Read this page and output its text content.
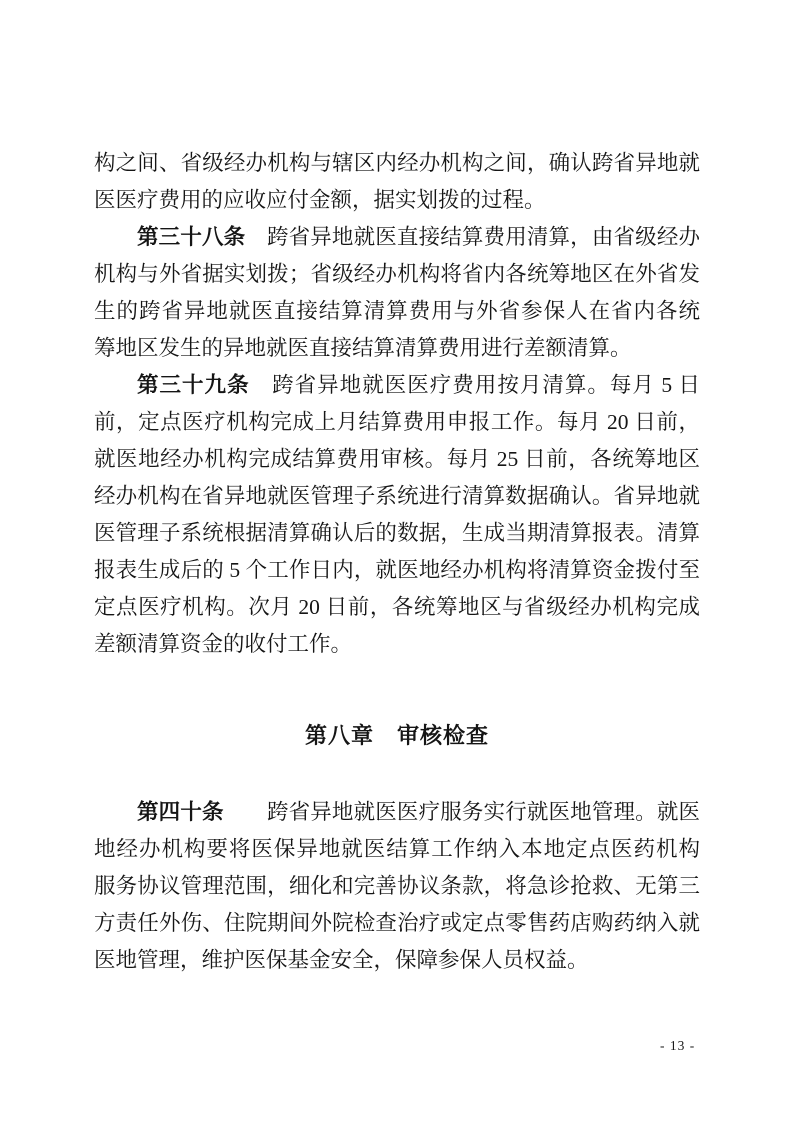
构之间、省级经办机构与辖区内经办机构之间，确认跨省异地就
医医疗费用的应收应付金额，据实划拨的过程。
第三十八条　跨省异地就医直接结算费用清算，由省级经办
机构与外省据实划拨；省级经办机构将省内各统筹地区在外省发
生的跨省异地就医直接结算清算费用与外省参保人在省内各统
筹地区发生的异地就医直接结算清算费用进行差额清算。
第三十九条　跨省异地就医医疗费用按月清算。每月 5 日
前，定点医疗机构完成上月结算费用申报工作。每月 20 日前，
就医地经办机构完成结算费用审核。每月 25 日前，各统筹地区
经办机构在省异地就医管理子系统进行清算数据确认。省异地就
医管理子系统根据清算确认后的数据，生成当期清算报表。清算
报表生成后的 5 个工作日内，就医地经办机构将清算资金拨付至
定点医疗机构。次月 20 日前，各统筹地区与省级经办机构完成
差额清算资金的收付工作。
第八章　审核检查
第四十条　　跨省异地就医医疗服务实行就医地管理。就医
地经办机构要将医保异地就医结算工作纳入本地定点医药机构
服务协议管理范围，细化和完善协议条款，将急诊抢救、无第三
方责任外伤、住院期间外院检查治疗或定点零售药店购药纳入就
医地管理，维护医保基金安全，保障参保人员权益。
- 13 -
